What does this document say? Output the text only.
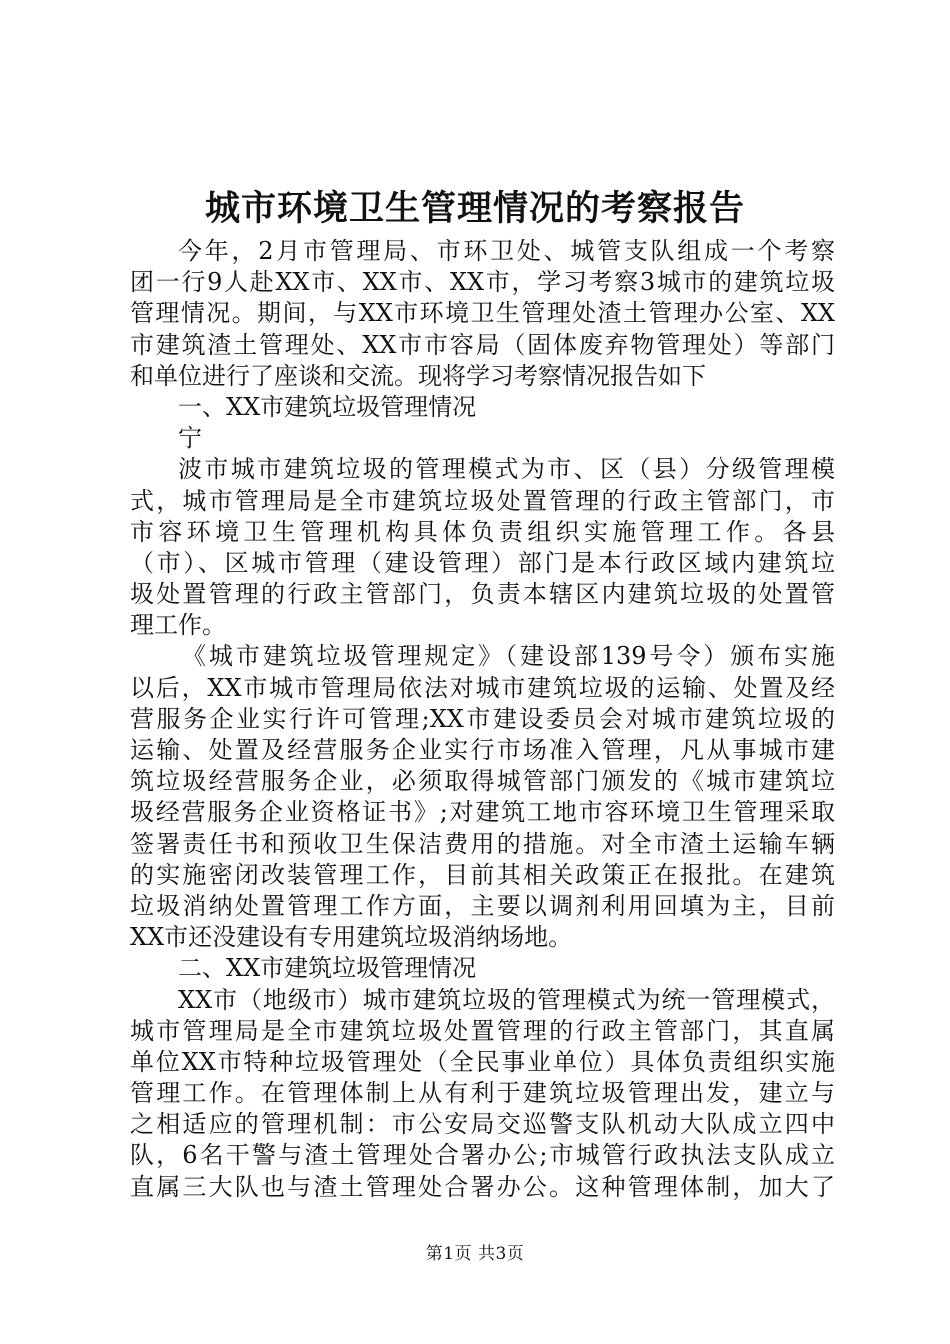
城市环境卫生管理情况的考察报告
今年，2月市管理局、市环卫处、城管支队组成一个考察
团一行9人赴XX市、XX市、XX市，学习考察3城市的建筑垃圾
管理情况。期间，与XX市环境卫生管理处渣土管理办公室、XX
市建筑渣土管理处、XX市市容局（固体废弃物管理处）等部门
和单位进行了座谈和交流。现将学习考察情况报告如下
一、XX市建筑垃圾管理情况
宁
波市城市建筑垃圾的管理模式为市、区（县）分级管理模
式，城市管理局是全市建筑垃圾处置管理的行政主管部门，市
市容环境卫生管理机构具体负责组织实施管理工作。各县
（市）、区城市管理（建设管理）部门是本行政区域内建筑垃
圾处置管理的行政主管部门，负责本辖区内建筑垃圾的处置管
理工作。
《城市建筑垃圾管理规定》（建设部139号令）颁布实施
以后，XX市城市管理局依法对城市建筑垃圾的运输、处置及经
营服务企业实行许可管理;XX市建设委员会对城市建筑垃圾的
运输、处置及经营服务企业实行市场准入管理，凡从事城市建
筑垃圾经营服务企业，必须取得城管部门颁发的《城市建筑垃
圾经营服务企业资格证书》;对建筑工地市容环境卫生管理采取
签署责任书和预收卫生保洁费用的措施。对全市渣土运输车辆
的实施密闭改装管理工作，目前其相关政策正在报批。在建筑
垃圾消纳处置管理工作方面，主要以调剂利用回填为主，目前
XX市还没建设有专用建筑垃圾消纳场地。
二、XX市建筑垃圾管理情况
XX市（地级市）城市建筑垃圾的管理模式为统一管理模式，
城市管理局是全市建筑垃圾处置管理的行政主管部门，其直属
单位XX市特种垃圾管理处（全民事业单位）具体负责组织实施
管理工作。在管理体制上从有利于建筑垃圾管理出发，建立与
之相适应的管理机制：市公安局交巡警支队机动大队成立四中
队，6名干警与渣土管理处合署办公;市城管行政执法支队成立
直属三大队也与渣土管理处合署办公。这种管理体制，加大了
第1页 共3页
